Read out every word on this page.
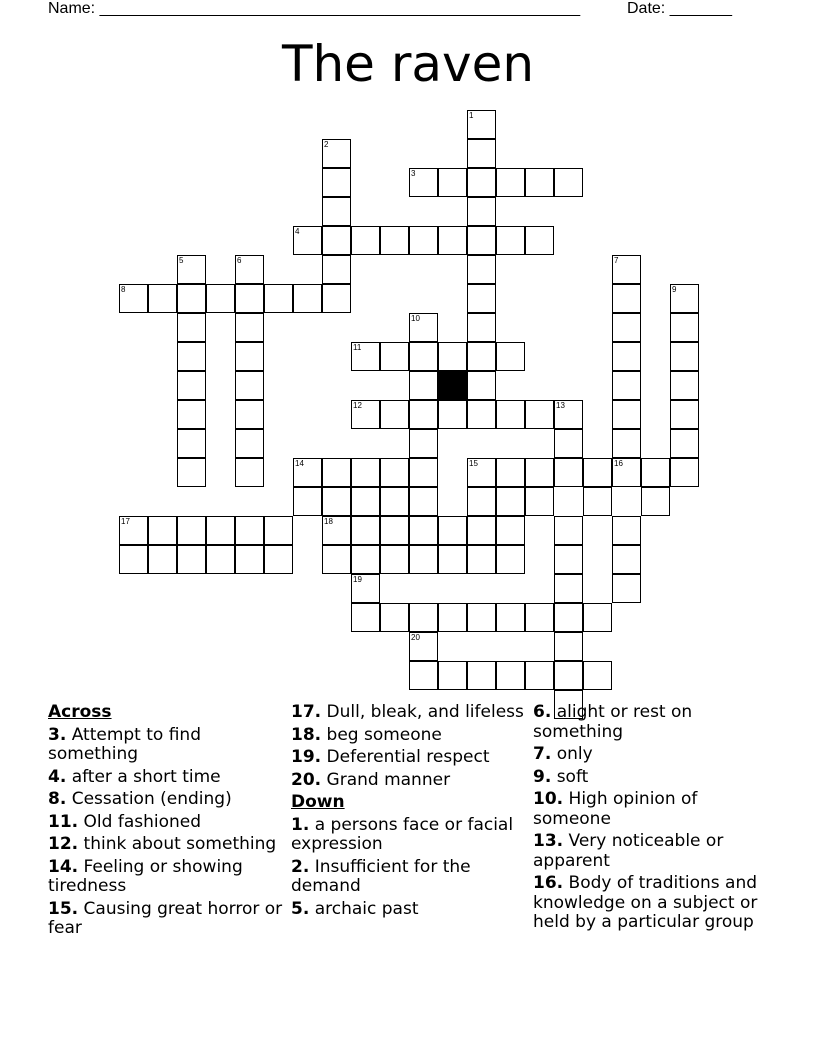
Name: ______________________________________________________	Date: _______
The raven
1
2
3
4
5	6
8
7
9
10
11
12	13
14	15	16
17	18
19
20
Across
3. Attempt to find something
4. after a short time
8. Cessation (ending)
11. Old fashioned
12. think about something
14. Feeling or showing tiredness
15. Causing great horror or fear
17. Dull, bleak, and lifeless
18. beg someone
19. Deferential respect
20. Grand manner
Down
1. a persons face or facial expression
2. Insufficient for the demand
5. archaic past
6. alight or rest on something
7. only
9. soft
10. High opinion of someone
13. Very noticeable or apparent
16. Body of traditions and knowledge on a subject or held by a particular group
